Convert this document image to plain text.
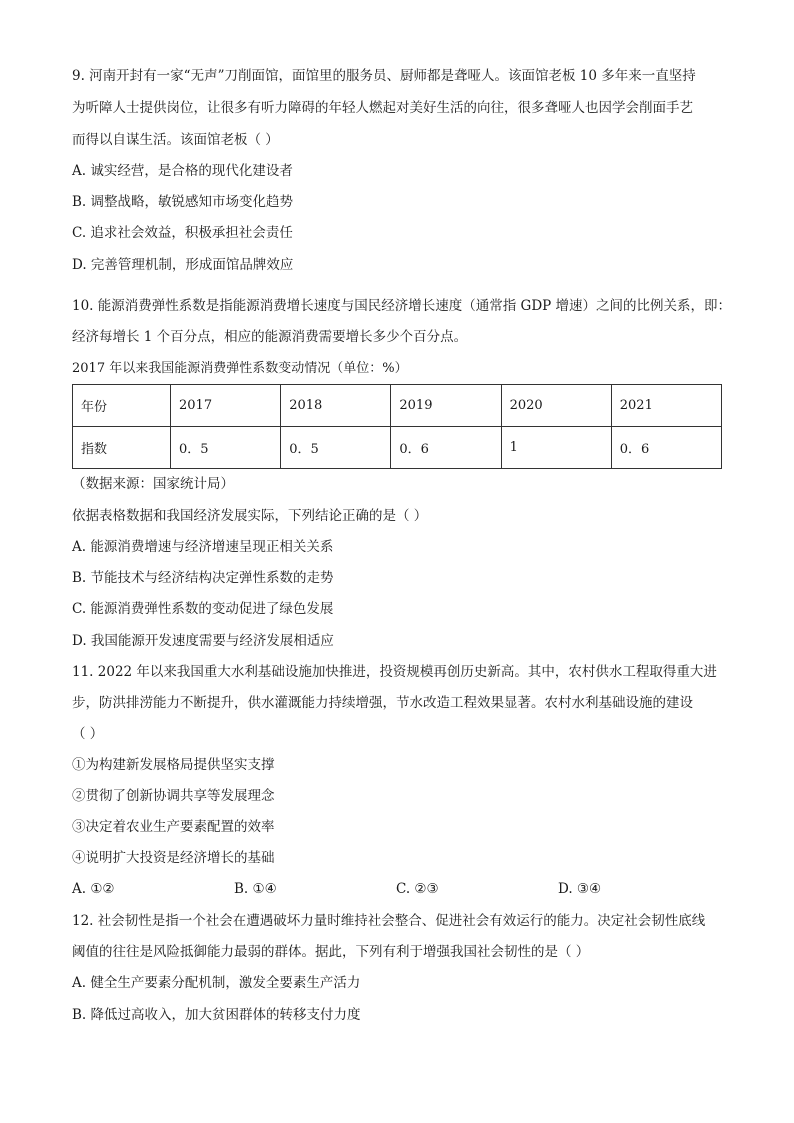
9. 河南开封有一家“无声”刀削面馆，面馆里的服务员、厨师都是聋哑人。该面馆老板 10 多年来一直坚持
为听障人士提供岗位，让很多有听力障碍的年轻人燃起对美好生活的向往，很多聋哑人也因学会削面手艺
而得以自谋生活。该面馆老板（ ）
A. 诚实经营，是合格的现代化建设者
B. 调整战略，敏锐感知市场变化趋势
C. 追求社会效益，积极承担社会责任
D. 完善管理机制，形成面馆品牌效应
10. 能源消费弹性系数是指能源消费增长速度与国民经济增长速度（通常指 GDP 增速）之间的比例关系，即：
经济每增长 1 个百分点，相应的能源消费需要增长多少个百分点。
2017 年以来我国能源消费弹性系数变动情况（单位：%）
年份	2017	2018	2019	2020	2021
指数	0．5	0．5	0．6	1	0．6
（数据来源：国家统计局）
依据表格数据和我国经济发展实际，下列结论正确的是（ ）
A. 能源消费增速与经济增速呈现正相关关系
B. 节能技术与经济结构决定弹性系数的走势
C. 能源消费弹性系数的变动促进了绿色发展
D. 我国能源开发速度需要与经济发展相适应
11. 2022 年以来我国重大水利基础设施加快推进，投资规模再创历史新高。其中，农村供水工程取得重大进
步，防洪排涝能力不断提升，供水灌溉能力持续增强，节水改造工程效果显著。农村水利基础设施的建设
（ ）
①为构建新发展格局提供坚实支撑
②贯彻了创新协调共享等发展理念
③决定着农业生产要素配置的效率
④说明扩大投资是经济增长的基础
A. ①②	B. ①④	C. ②③	D. ③④
12. 社会韧性是指一个社会在遭遇破坏力量时维持社会整合、促进社会有效运行的能力。决定社会韧性底线
阈值的往往是风险抵御能力最弱的群体。据此，下列有利于增强我国社会韧性的是（ ）
A. 健全生产要素分配机制，激发全要素生产活力
B. 降低过高收入，加大贫困群体的转移支付力度
